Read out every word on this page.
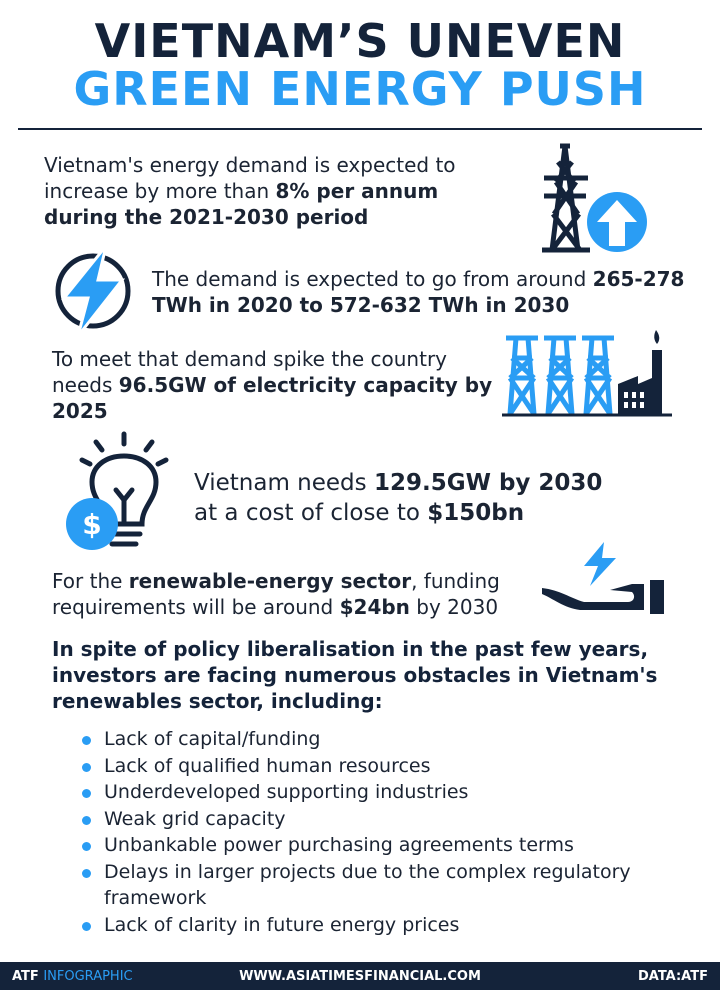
VIETNAM’S UNEVEN
GREEN ENERGY PUSH
Vietnam's energy demand is expected to increase by more than 8% per annum during the 2021-2030 period
The demand is expected to go from around 265-278 TWh in 2020 to 572-632 TWh in 2030
To meet that demand spike the country needs 96.5GW of electricity capacity by 2025
$
Vietnam needs 129.5GW by 2030
at a cost of close to $150bn
For the renewable-energy sector, funding requirements will be around $24bn by 2030
In spite of policy liberalisation in the past few years, investors are facing numerous obstacles in Vietnam's renewables sector, including:
Lack of capital/funding
Lack of qualified human resources
Underdeveloped supporting industries
Weak grid capacity
Unbankable power purchasing agreements terms
Delays in larger projects due to the complex regulatory framework
Lack of clarity in future energy prices
ATF INFOGRAPHIC	WWW.ASIATIMESFINANCIAL.COM	DATA:ATF
